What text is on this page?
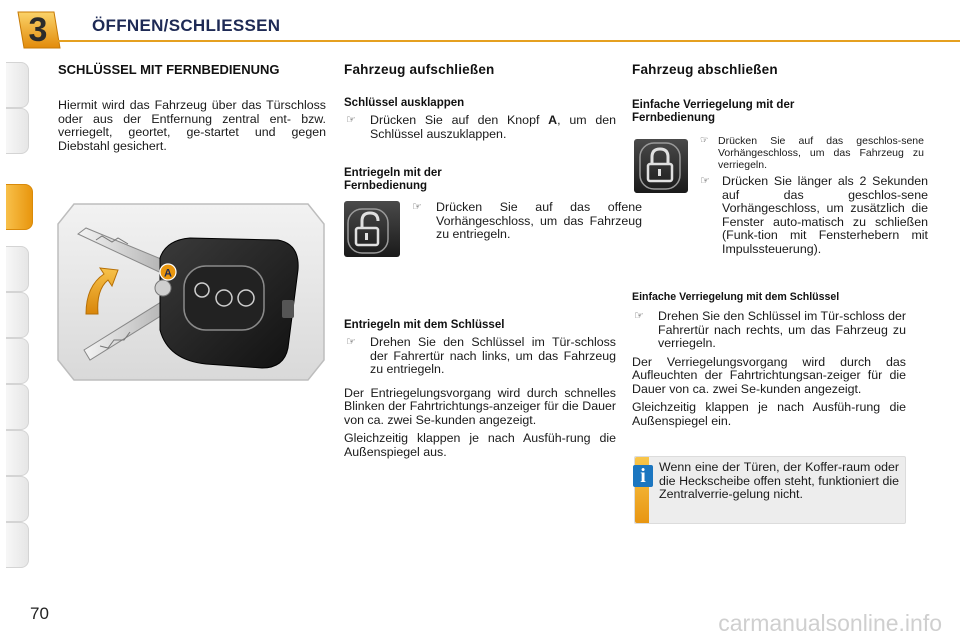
3	ÖFFNEN/SCHLIESSEN
SCHLÜSSEL MIT FERNBEDIENUNG

Hiermit wird das Fahrzeug über das Türschloss oder aus der Entfernung zentral ent- bzw. verriegelt, geortet, ge-startet und gegen Diebstahl gesichert.

A
Fahrzeug aufschließen
Schlüssel ausklappen
☞ Drücken Sie auf den Knopf A, um den Schlüssel auszuklappen.
Entriegeln mit der Fernbedienung
☞ Drücken Sie auf das offene Vorhängeschloss, um das Fahrzeug zu entriegeln.
Entriegeln mit dem Schlüssel
☞ Drehen Sie den Schlüssel im Tür-schloss der Fahrertür nach links, um das Fahrzeug zu entriegeln.

Der Entriegelungsvorgang wird durch schnelles Blinken der Fahrtrichtungs-anzeiger für die Dauer von ca. zwei Se-kunden angezeigt.

Gleichzeitig klappen je nach Ausfüh-rung die Außenspiegel aus.

Fahrzeug abschließen
Einfache Verriegelung mit der Fernbedienung
☞ Drücken Sie auf das geschlos-sene Vorhängeschloss, um das Fahrzeug zu verriegeln.
☞ Drücken Sie länger als 2 Sekunden auf das geschlos-sene Vorhängeschloss, um zusätzlich die Fenster auto-matisch zu schließen (Funk-tion mit Fensterhebern mit Impulssteuerung).
Einfache Verriegelung mit dem Schlüssel
☞ Drehen Sie den Schlüssel im Tür-schloss der Fahrertür nach rechts, um das Fahrzeug zu verriegeln.

Der Verriegelungsvorgang wird durch das Aufleuchten der Fahrtrichtungsan-zeiger für die Dauer von ca. zwei Se-kunden angezeigt.

Gleichzeitig klappen je nach Ausfüh-rung die Außenspiegel ein.

i	Wenn eine der Türen, der Koffer-raum oder die Heckscheibe offen steht, funktioniert die Zentralverrie-gelung nicht.
70	carmanualsonline.info
